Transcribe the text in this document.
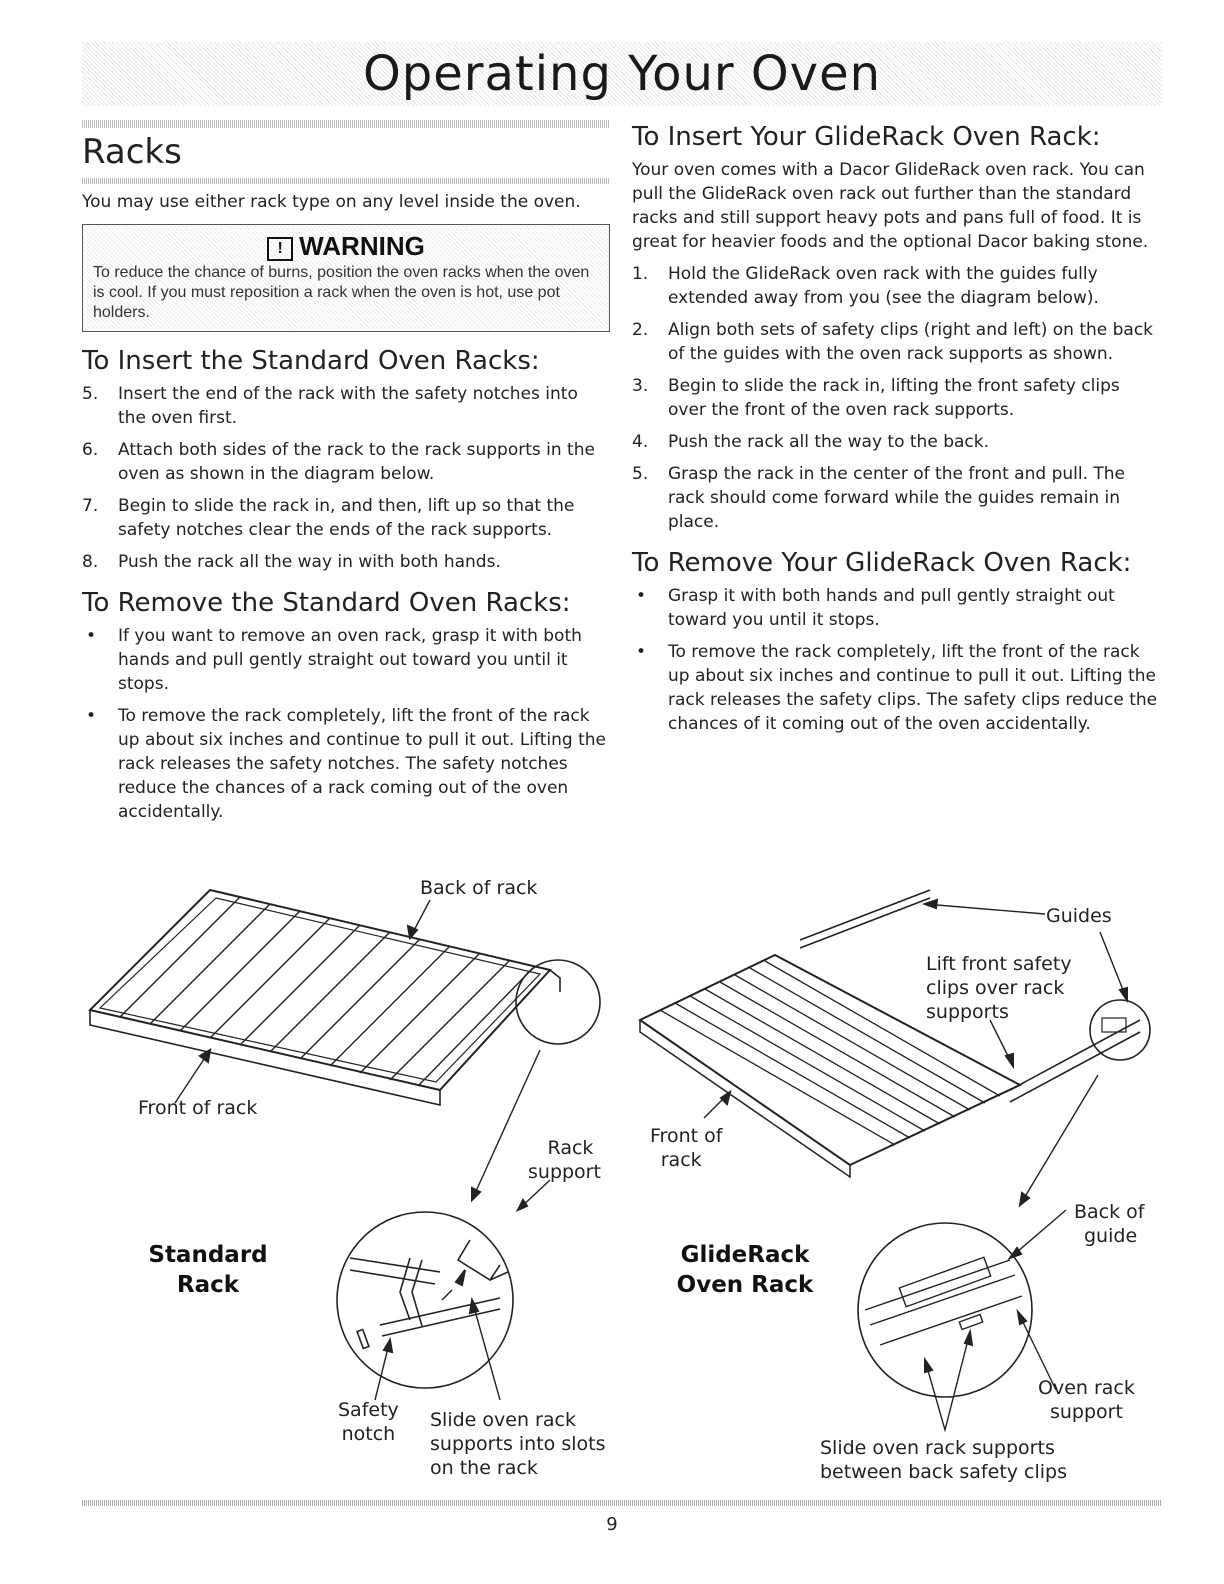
Operating Your Oven
Racks

You may use either rack type on any level inside the oven.

! WARNING
To reduce the chance of burns, position the oven racks when the oven is cool. If you must reposition a rack when the oven is hot, use pot holders.
To Insert the Standard Oven Racks:
5.	Insert the end of the rack with the safety notches into the oven first.
6.	Attach both sides of the rack to the rack supports in the oven as shown in the diagram below.
7.	Begin to slide the rack in, and then, lift up so that the safety notches clear the ends of the rack supports.
8.	Push the rack all the way in with both hands.
To Remove the Standard Oven Racks:
• If you want to remove an oven rack, grasp it with both hands and pull gently straight out toward you until it stops.
• To remove the rack completely, lift the front of the rack up about six inches and continue to pull it out. Lifting the rack releases the safety notches. The safety notches reduce the chances of a rack coming out of the oven accidentally.
To Insert Your GlideRack Oven Rack:

Your oven comes with a Dacor GlideRack oven rack. You can pull the GlideRack oven rack out further than the standard racks and still support heavy pots and pans full of food. It is great for heavier foods and the optional Dacor baking stone.

1.	Hold the GlideRack oven rack with the guides fully extended away from you (see the diagram below).
2.	Align both sets of safety clips (right and left) on the back of the guides with the oven rack supports as shown.
3.	Begin to slide the rack in, lifting the front safety clips over the front of the oven rack supports.
4.	Push the rack all the way to the back.
5.	Grasp the rack in the center of the front and pull. The rack should come forward while the guides remain in place.
To Remove Your GlideRack Oven Rack:
• Grasp it with both hands and pull gently straight out toward you until it stops.
• To remove the rack completely, lift the front of the rack up about six inches and continue to pull it out. Lifting the rack releases the safety clips. The safety clips reduce the chances of it coming out of the oven accidentally.
Back of rack
Front of rack
Rack
support
Standard
Rack
Safety
notch
Slide oven rack
supports into slots
on the rack
Guides
Lift front safety
clips over rack
supports
Front of
rack
GlideRack
Oven Rack
Back of
guide
Oven rack
support
Slide oven rack supports
between back safety clips
9
